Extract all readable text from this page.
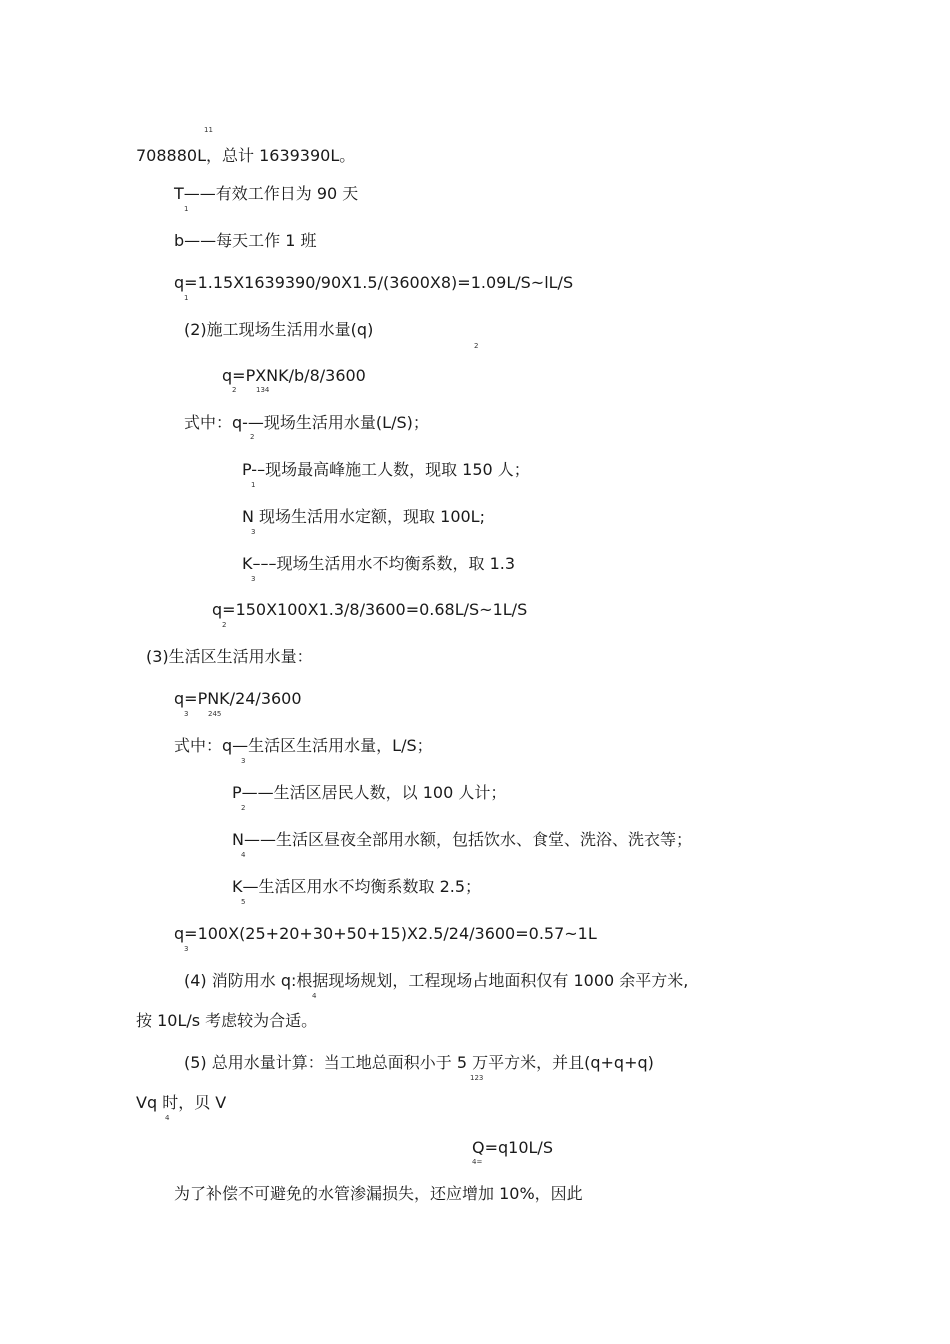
11
708880L，总计 1639390L。
T——有效工作日为 90 天
1
b——每天工作 1 班
q=1.15X1639390/90X1.5/(3600X8)=1.09L/S~lL/S
1
(2)施工现场生活用水量(q)
2
q=PXNK/b/8/3600
2	134
式中：q-—现场生活用水量(L/S)；
2
P-–现场最高峰施工人数，现取 150 人；
1
N 现场生活用水定额，现取 100L;
3
K–––现场生活用水不均衡系数，取 1.3
3
q=150X100X1.3/8/3600=0.68L/S~1L/S
2
(3)生活区生活用水量：
q=PNK/24/3600
3	245
式中：q—生活区生活用水量，L/S；
3
P——生活区居民人数，以 100 人计；
2
N——生活区昼夜全部用水额，包括饮水、食堂、洗浴、洗衣等；
4
K—生活区用水不均衡系数取 2.5；
5
q=100X(25+20+30+50+15)X2.5/24/3600=0.57~1L
3
(4) 消防用水 q:根据现场规划，工程现场占地面积仅有 1000 余平方米,
4
按 10L/s 考虑较为合适。
(5) 总用水量计算：当工地总面积小于 5 万平方米，并且(q+q+q)
123
Vq 时，贝 V
4
Q=q10L/S
4=
为了补偿不可避免的水管渗漏损失，还应增加 10%，因此
